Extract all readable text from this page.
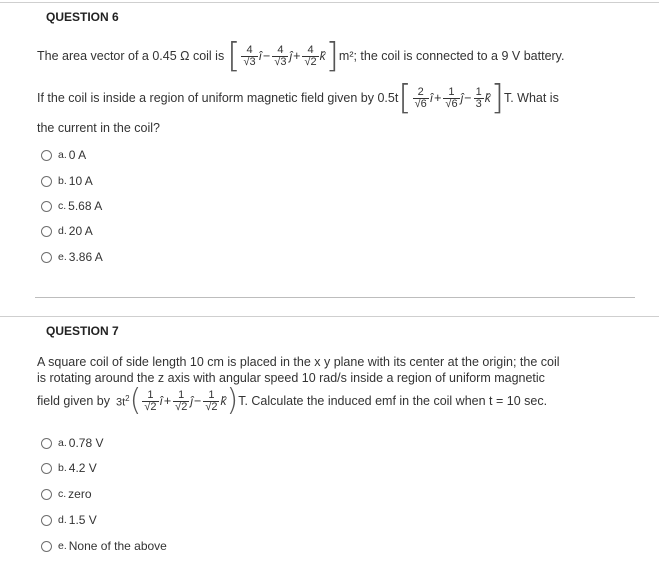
QUESTION 6
The area vector of a 0.45 Ω coil is [ $\frac{4}{√3}$ î − $\frac{4}{√3}$ ĵ + $\frac{4}{√2}$ k̂ ] m²; the coil is connected to a 9 V battery.
If the coil is inside a region of uniform magnetic field given by 0.5t [ $\frac{2}{√6}$ î + $\frac{1}{√6}$ ĵ − $\frac{1}{3}$ k̂ ] T. What is
the current in the coil?
a. 0 A
b. 10 A
c. 5.68 A
d. 20 A
e. 3.86 A
QUESTION 7
A square coil of side length 10 cm is placed in the x y plane with its center at the origin; the coil
is rotating around the z axis with angular speed 10 rad/s inside a region of uniform magnetic
field given by $3t^2$ ( $\frac{1}{√2}$ î + $\frac{1}{√2}$ ĵ − $\frac{1}{√2}$ k̂ ) T. Calculate the induced emf in the coil when t = 10 sec.
a. 0.78 V
b. 4.2 V
c. zero
d. 1.5 V
e. None of the above
